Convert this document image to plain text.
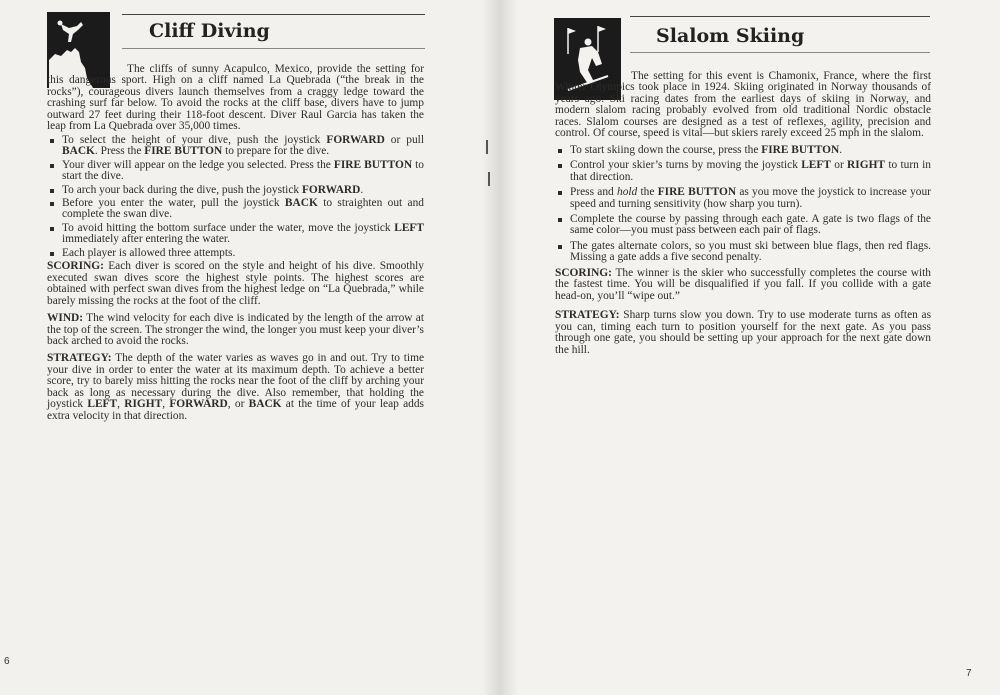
Cliff Diving

The cliffs of sunny Acapulco, Mexico, provide the setting for this dangerous sport. High on a cliff named La Quebrada (“the break in the rocks”), courageous divers launch themselves from a craggy ledge toward the crashing surf far below. To avoid the rocks at the cliff base, divers have to jump outward 27 feet during their 118-foot descent. Diver Raul Garcia has taken the leap from La Quebrada over 35,000 times.

To select the height of your dive, push the joystick FORWARD or pull BACK. Press the FIRE BUTTON to prepare for the dive.
Your diver will appear on the ledge you selected. Press the FIRE BUTTON to start the dive.
To arch your back during the dive, push the joystick FORWARD.
Before you enter the water, pull the joystick BACK to straighten out and complete the swan dive.
To avoid hitting the bottom surface under the water, move the joystick LEFT immediately after entering the water.
Each player is allowed three attempts.

SCORING: Each diver is scored on the style and height of his dive. Smoothly executed swan dives score the highest style points. The highest scores are obtained with perfect swan dives from the highest ledge on “La Quebrada,” while barely missing the rocks at the foot of the cliff.

WIND: The wind velocity for each dive is indicated by the length of the arrow at the top of the screen. The stronger the wind, the longer you must keep your diver’s back arched to avoid the rocks.

STRATEGY: The depth of the water varies as waves go in and out. Try to time your dive in order to enter the water at its maximum depth. To achieve a better score, try to barely miss hitting the rocks near the foot of the cliff by arching your back as long as necessary during the dive. Also remember, that holding the joystick LEFT, RIGHT, FORWARD, or BACK at the time of your leap adds extra velocity in that direction.

6
Slalom Skiing

The setting for this event is Chamonix, France, where the first Winter Olympics took place in 1924. Skiing originated in Norway thousands of years ago. Ski racing dates from the earliest days of skiing in Norway, and modern slalom racing probably evolved from old traditional Nordic obstacle races. Slalom courses are designed as a test of reflexes, agility, precision and control. Of course, speed is vital—but skiers rarely exceed 25 mph in the slalom.

To start skiing down the course, press the FIRE BUTTON.
Control your skier’s turns by moving the joystick LEFT or RIGHT to turn in that direction.
Press and hold the FIRE BUTTON as you move the joystick to increase your speed and turning sensitivity (how sharp you turn).
Complete the course by passing through each gate. A gate is two flags of the same color—you must pass between each pair of flags.
The gates alternate colors, so you must ski between blue flags, then red flags. Missing a gate adds a five second penalty.

SCORING: The winner is the skier who successfully completes the course with the fastest time. You will be disqualified if you fall. If you collide with a gate head-on, you’ll “wipe out.”

STRATEGY: Sharp turns slow you down. Try to use moderate turns as often as you can, timing each turn to position yourself for the next gate. As you pass through one gate, you should be setting up your approach for the next gate down the hill.

7
